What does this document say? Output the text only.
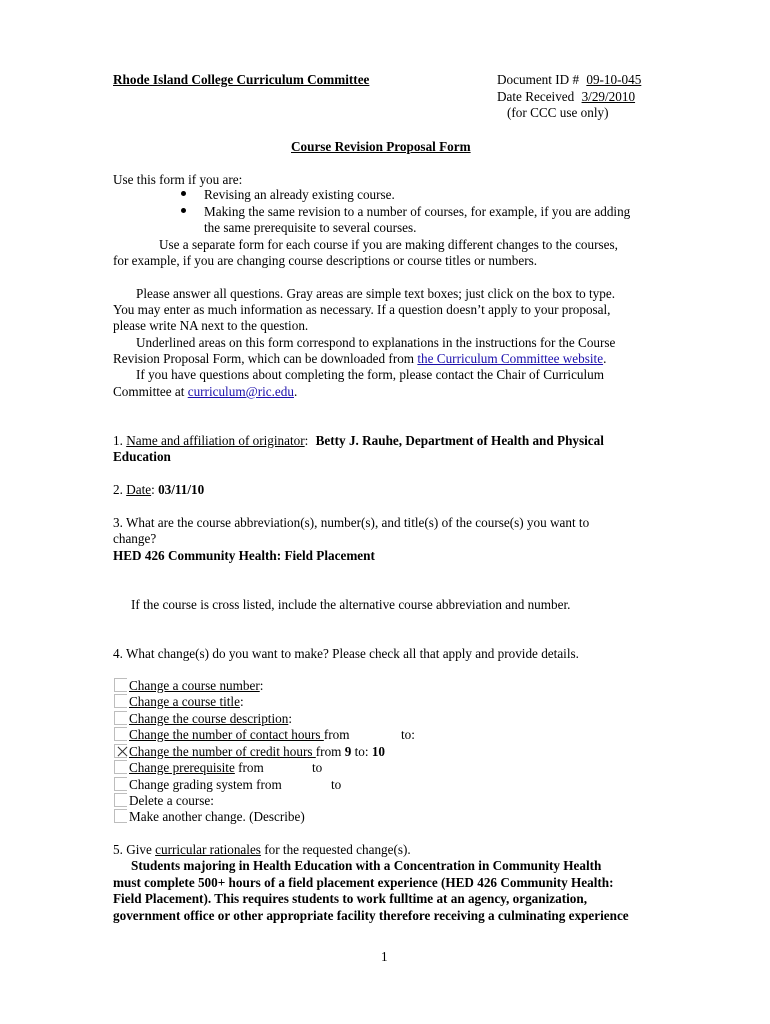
Rhode Island College Curriculum Committee	Document ID # 09-10-045
Date Received 3/29/2010
(for CCC use only)
Course Revision Proposal Form
Use this form if you are:
Revising an already existing course.
Making the same revision to a number of courses, for example, if you are adding
the same prerequisite to several courses.
Use a separate form for each course if you are making different changes to the courses,
for example, if you are changing course descriptions or course titles or numbers.
Please answer all questions. Gray areas are simple text boxes; just click on the box to type.
You may enter as much information as necessary. If a question doesn’t apply to your proposal,
please write NA next to the question.
Underlined areas on this form correspond to explanations in the instructions for the Course
Revision Proposal Form, which can be downloaded from the Curriculum Committee website.
If you have questions about completing the form, please contact the Chair of Curriculum
Committee at curriculum@ric.edu.
1. Name and affiliation of originator: Betty J. Rauhe, Department of Health and Physical
Education
2. Date: 03/11/10
3. What are the course abbreviation(s), number(s), and title(s) of the course(s) you want to
change?
HED 426 Community Health: Field Placement
If the course is cross listed, include the alternative course abbreviation and number.
4. What change(s) do you want to make? Please check all that apply and provide details.
Change a course number:
Change a course title:
Change the course description:
Change the number of contact hours from	to:
Change the number of credit hours from 9 to: 10
Change prerequisite from	to
Change grading system from	to
Delete a course:
Make another change. (Describe)
5. Give curricular rationales for the requested change(s).
Students majoring in Health Education with a Concentration in Community Health
must complete 500+ hours of a field placement experience (HED 426 Community Health:
Field Placement). This requires students to work fulltime at an agency, organization,
government office or other appropriate facility therefore receiving a culminating experience
1
